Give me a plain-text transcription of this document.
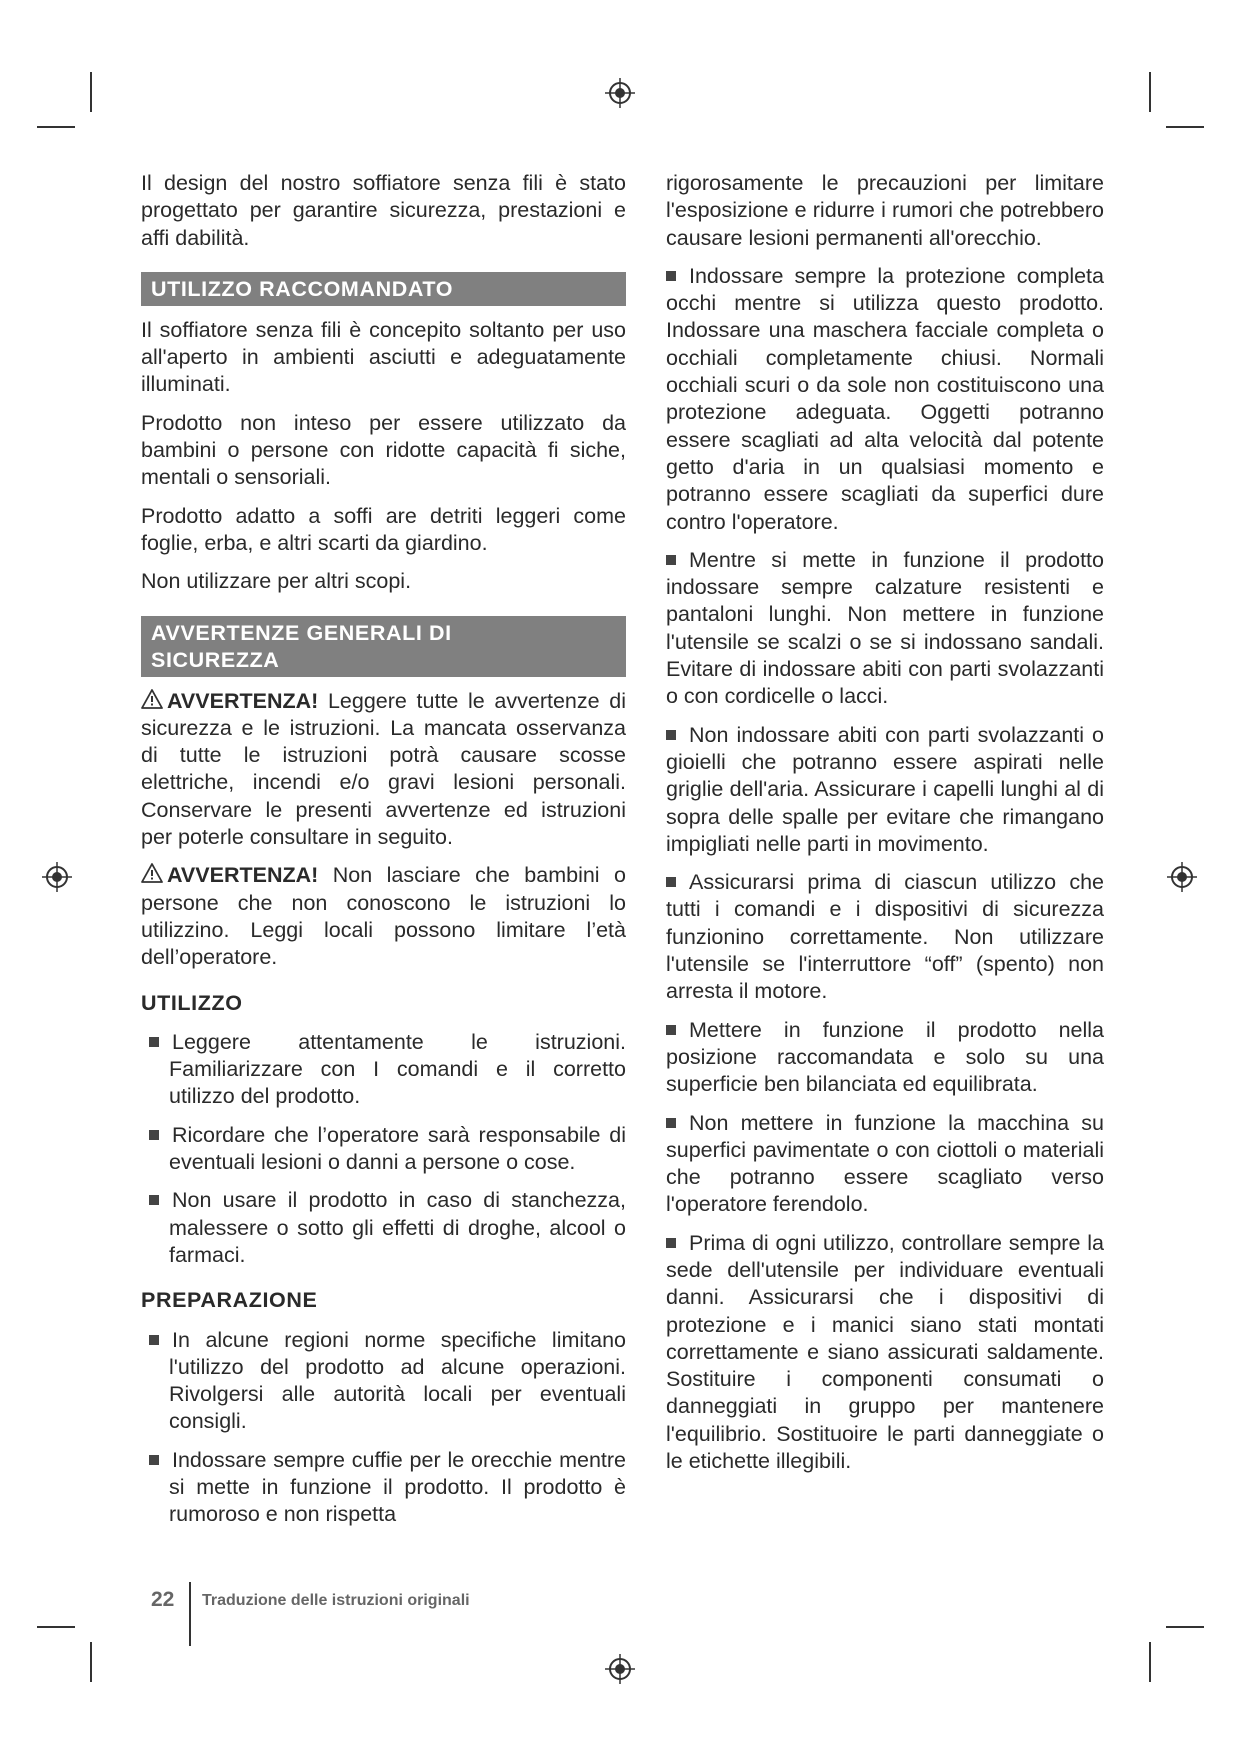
Il design del nostro soffiatore senza fili è stato progettato per garantire sicurezza, prestazioni e affi dabilità.

UTILIZZO RACCOMANDATO

Il soffiatore senza fili è concepito soltanto per uso all'aperto in ambienti asciutti e adeguatamente illuminati.

Prodotto non inteso per essere utilizzato da bambini o persone con ridotte capacità fi siche, mentali o sensoriali.

Prodotto adatto a soffi are detriti leggeri come foglie, erba, e altri scarti da giardino.

Non utilizzare per altri scopi.

AVVERTENZE GENERALI DI
SICUREZZA

AVVERTENZA! Leggere tutte le avvertenze di sicurezza e le istruzioni. La mancata osservanza di tutte le istruzioni potrà causare scosse elettriche, incendi e/o gravi lesioni personali. Conservare le presenti avvertenze ed istruzioni per poterle consultare in seguito.

AVVERTENZA! Non lasciare che bambini o persone che non conoscono le istruzioni lo utilizzino. Leggi locali possono limitare l’età dell’operatore.

UTILIZZO
Leggere attentamente le istruzioni. Familiarizzare con I comandi e il corretto utilizzo del prodotto.
Ricordare che l’operatore sarà responsabile di eventuali lesioni o danni a persone o cose.
Non usare il prodotto in caso di stanchezza, malessere o sotto gli effetti di droghe, alcool o farmaci.
PREPARAZIONE
In alcune regioni norme specifiche limitano l'utilizzo del prodotto ad alcune operazioni. Rivolgersi alle autorità locali per eventuali consigli.
Indossare sempre cuffie per le orecchie mentre si mette in funzione il prodotto. Il prodotto è rumoroso e non rispetta

rigorosamente le precauzioni per limitare l'esposizione e ridurre i rumori che potrebbero causare lesioni permanenti all'orecchio.

Indossare sempre la protezione completa occhi mentre si utilizza questo prodotto. Indossare una maschera facciale completa o occhiali completamente chiusi. Normali occhiali scuri o da sole non costituiscono una protezione adeguata. Oggetti potranno essere scagliati ad alta velocità dal potente getto d'aria in un qualsiasi momento e potranno essere scagliati da superfici dure contro l'operatore.
Mentre si mette in funzione il prodotto indossare sempre calzature resistenti e pantaloni lunghi. Non mettere in funzione l'utensile se scalzi o se si indossano sandali. Evitare di indossare abiti con parti svolazzanti o con cordicelle o lacci.
Non indossare abiti con parti svolazzanti o gioielli che potranno essere aspirati nelle griglie dell'aria. Assicurare i capelli lunghi al di sopra delle spalle per evitare che rimangano impigliati nelle parti in movimento.
Assicurarsi prima di ciascun utilizzo che tutti i comandi e i dispositivi di sicurezza funzionino correttamente. Non utilizzare l'utensile se l'interruttore “off” (spento) non arresta il motore.
Mettere in funzione il prodotto nella posizione raccomandata e solo su una superficie ben bilanciata ed equilibrata.
Non mettere in funzione la macchina su superfici pavimentate o con ciottoli o materiali che potranno essere scagliato verso l'operatore ferendolo.
Prima di ogni utilizzo, controllare sempre la sede dell'utensile per individuare eventuali danni. Assicurarsi che i dispositivi di protezione e i manici siano stati montati correttamente e siano assicurati saldamente. Sostituire i componenti consumati o danneggiati in gruppo per mantenere l'equilibrio. Sostituoire le parti danneggiate o le etichette illegibili.
22 Traduzione delle istruzioni originali
